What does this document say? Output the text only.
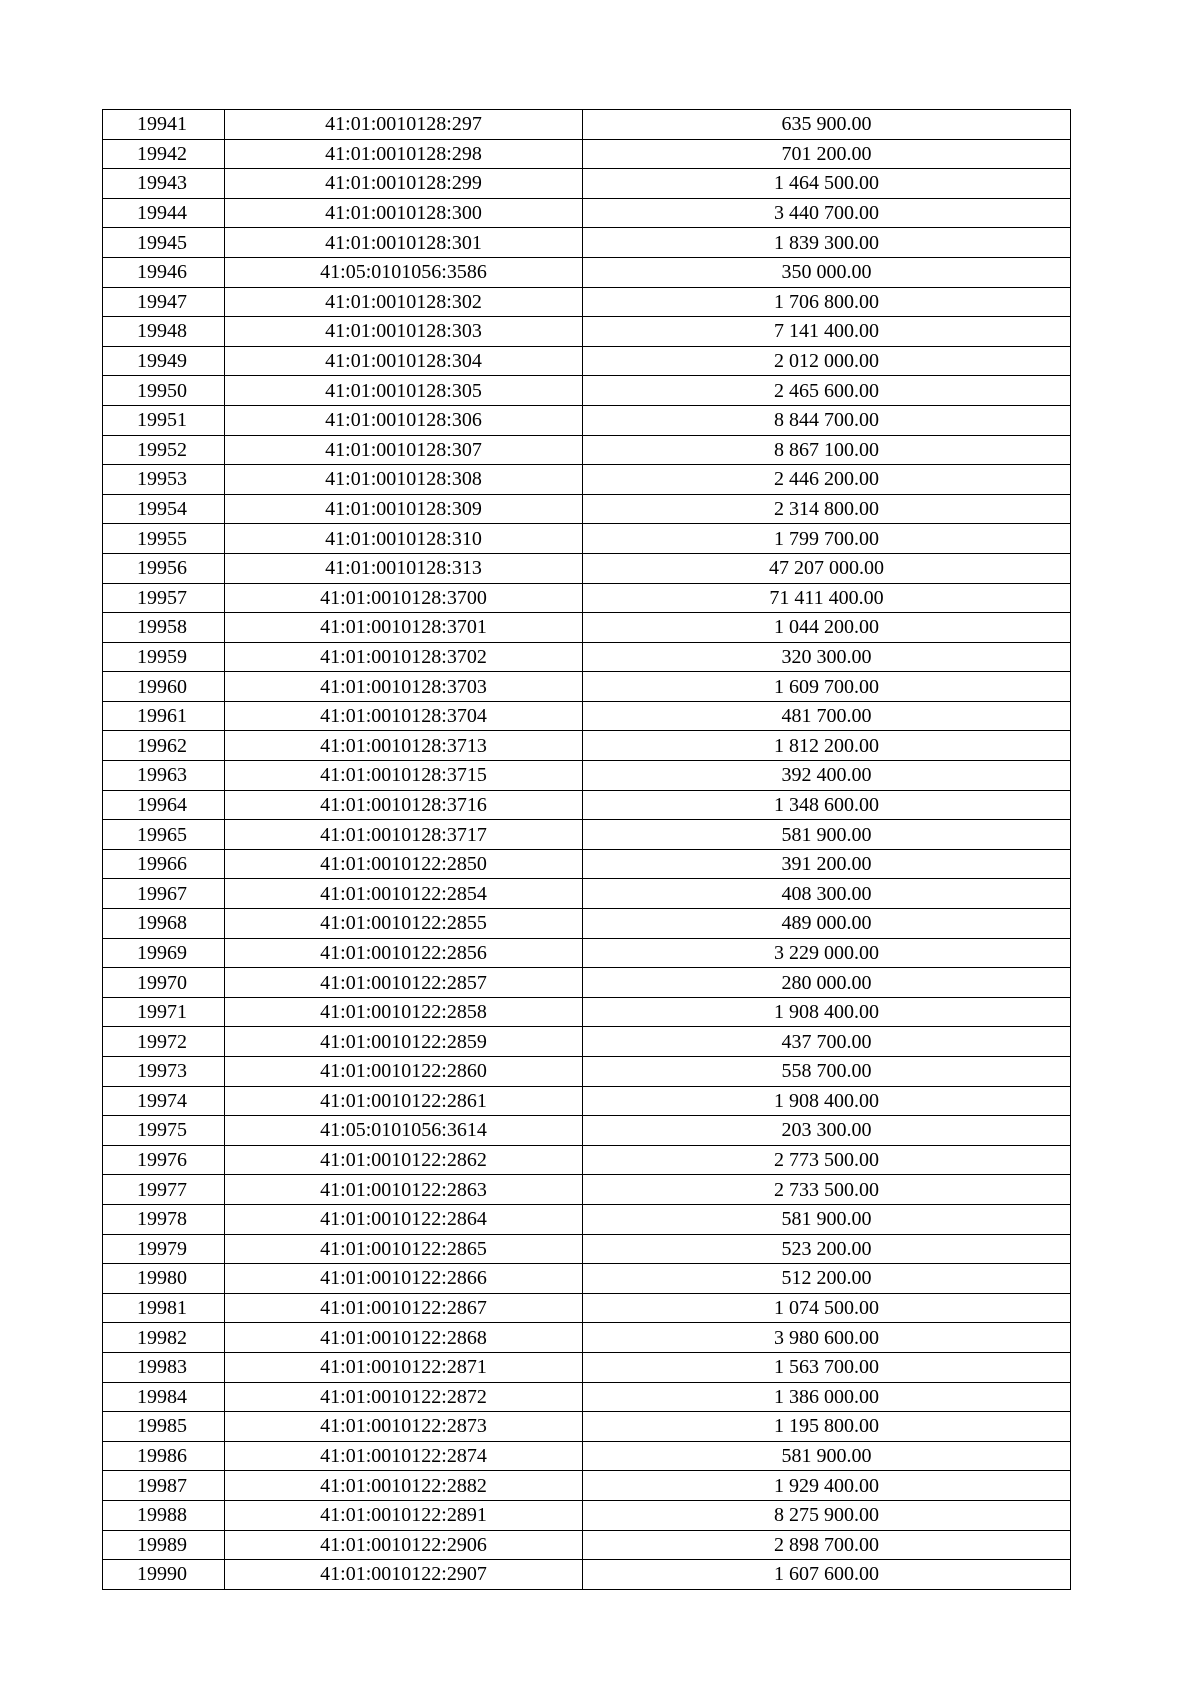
19941	41:01:0010128:297	635 900.00
19942	41:01:0010128:298	701 200.00
19943	41:01:0010128:299	1 464 500.00
19944	41:01:0010128:300	3 440 700.00
19945	41:01:0010128:301	1 839 300.00
19946	41:05:0101056:3586	350 000.00
19947	41:01:0010128:302	1 706 800.00
19948	41:01:0010128:303	7 141 400.00
19949	41:01:0010128:304	2 012 000.00
19950	41:01:0010128:305	2 465 600.00
19951	41:01:0010128:306	8 844 700.00
19952	41:01:0010128:307	8 867 100.00
19953	41:01:0010128:308	2 446 200.00
19954	41:01:0010128:309	2 314 800.00
19955	41:01:0010128:310	1 799 700.00
19956	41:01:0010128:313	47 207 000.00
19957	41:01:0010128:3700	71 411 400.00
19958	41:01:0010128:3701	1 044 200.00
19959	41:01:0010128:3702	320 300.00
19960	41:01:0010128:3703	1 609 700.00
19961	41:01:0010128:3704	481 700.00
19962	41:01:0010128:3713	1 812 200.00
19963	41:01:0010128:3715	392 400.00
19964	41:01:0010128:3716	1 348 600.00
19965	41:01:0010128:3717	581 900.00
19966	41:01:0010122:2850	391 200.00
19967	41:01:0010122:2854	408 300.00
19968	41:01:0010122:2855	489 000.00
19969	41:01:0010122:2856	3 229 000.00
19970	41:01:0010122:2857	280 000.00
19971	41:01:0010122:2858	1 908 400.00
19972	41:01:0010122:2859	437 700.00
19973	41:01:0010122:2860	558 700.00
19974	41:01:0010122:2861	1 908 400.00
19975	41:05:0101056:3614	203 300.00
19976	41:01:0010122:2862	2 773 500.00
19977	41:01:0010122:2863	2 733 500.00
19978	41:01:0010122:2864	581 900.00
19979	41:01:0010122:2865	523 200.00
19980	41:01:0010122:2866	512 200.00
19981	41:01:0010122:2867	1 074 500.00
19982	41:01:0010122:2868	3 980 600.00
19983	41:01:0010122:2871	1 563 700.00
19984	41:01:0010122:2872	1 386 000.00
19985	41:01:0010122:2873	1 195 800.00
19986	41:01:0010122:2874	581 900.00
19987	41:01:0010122:2882	1 929 400.00
19988	41:01:0010122:2891	8 275 900.00
19989	41:01:0010122:2906	2 898 700.00
19990	41:01:0010122:2907	1 607 600.00
